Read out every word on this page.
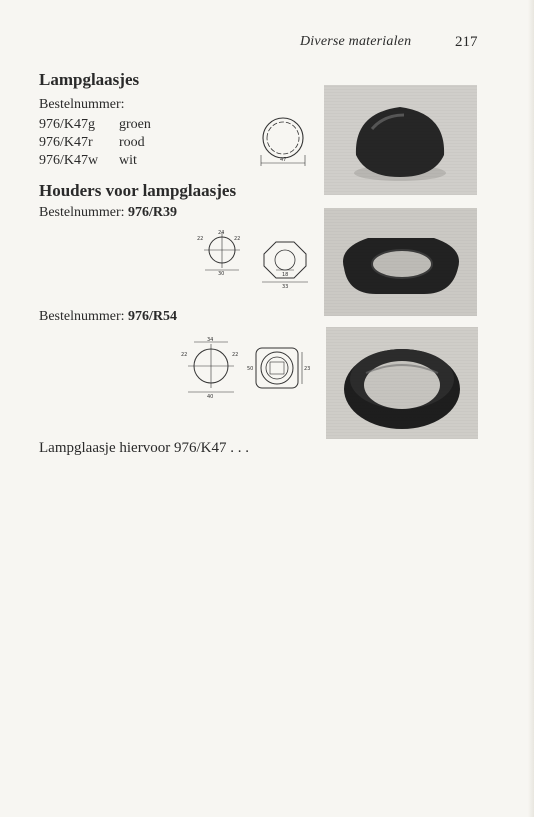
Diverse materialen	217
Lampglaasjes
Bestelnummer:
976/K47g groen
976/K47r rood
976/K47w wit	47
Houders voor lampglaasjes
Bestelnummer: 976/R39
22	22
24
30	18
33
Bestelnummer: 976/R54
34
22	22
40
23
50
Lampglaasje hiervoor 976/K47 . . .
